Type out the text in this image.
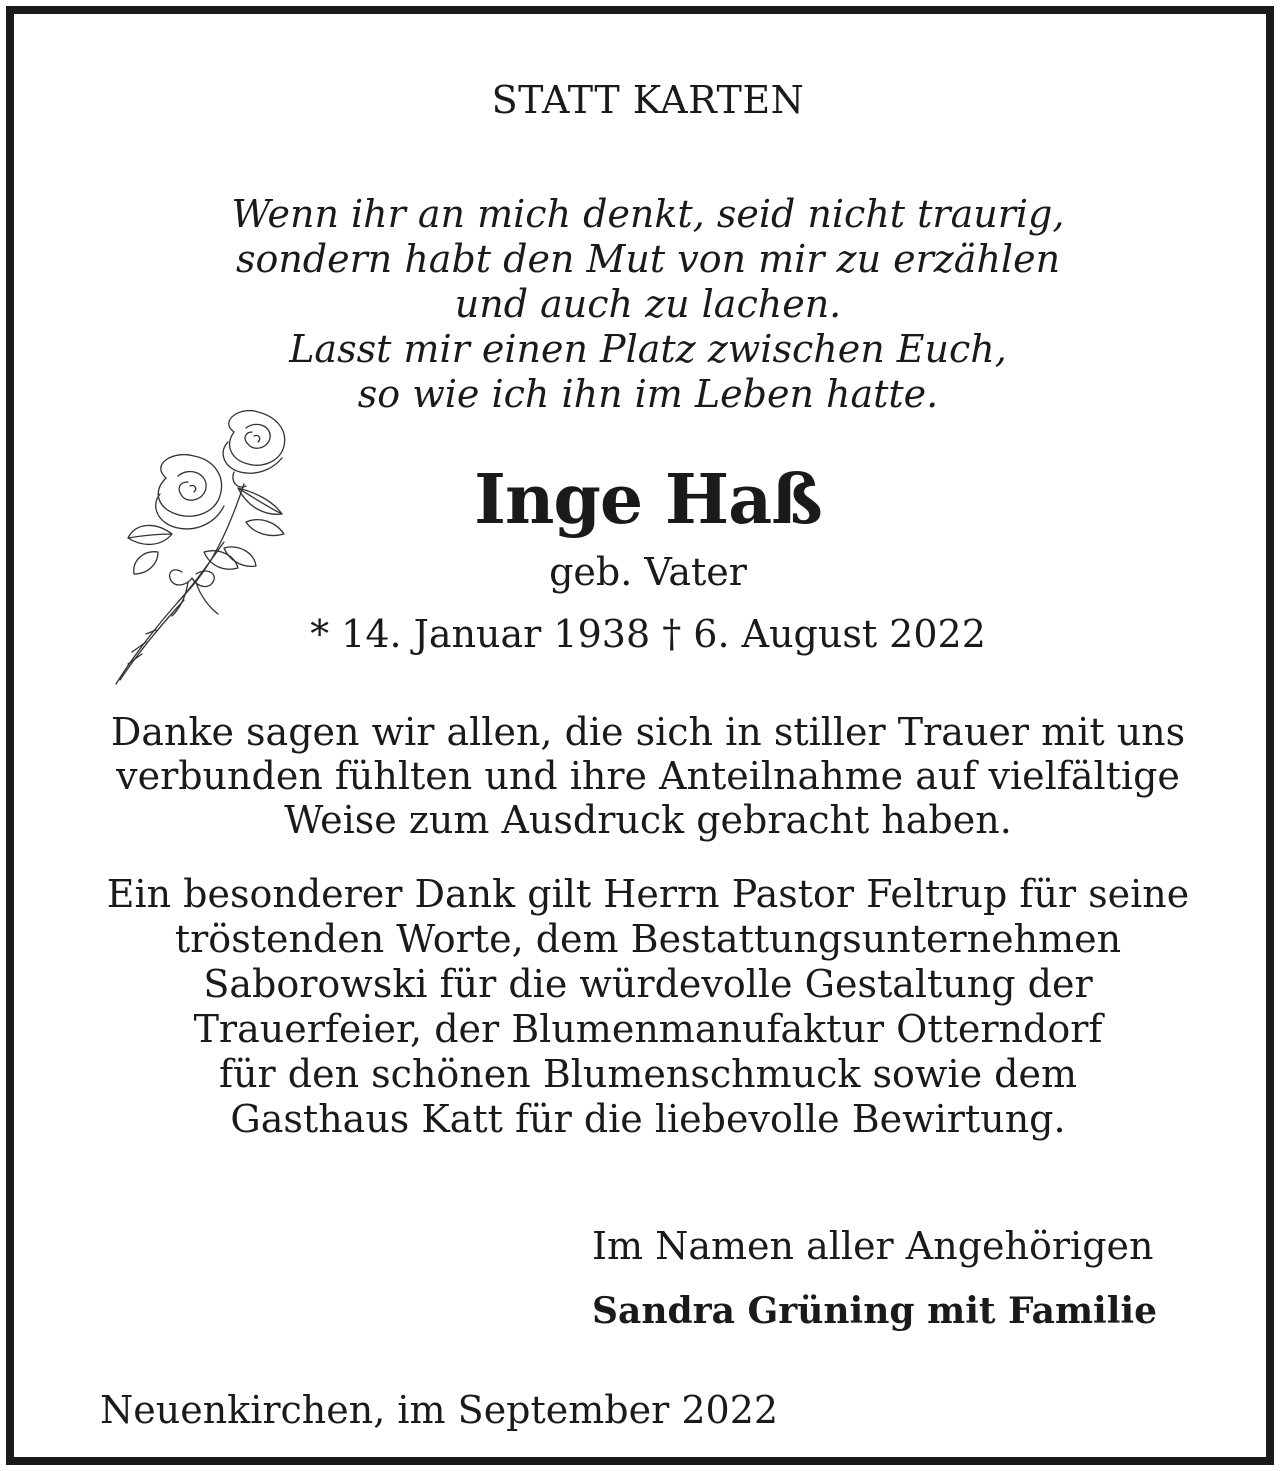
STATT KARTEN

Wenn ihr an mich denkt, seid nicht traurig,
sondern habt den Mut von mir zu erzählen
und auch zu lachen.
Lasst mir einen Platz zwischen Euch,
so wie ich ihn im Leben hatte.

Inge Haß

geb. Vater

* 14. Januar 1938 † 6. August 2022

Danke sagen wir allen, die sich in stiller Trauer mit uns
verbunden fühlten und ihre Anteilnahme auf vielfältige
Weise zum Ausdruck gebracht haben.
Ein besonderer Dank gilt Herrn Pastor Feltrup für seine
tröstenden Worte, dem Bestattungsunternehmen
Saborowski für die würdevolle Gestaltung der
Trauerfeier, der Blumenmanufaktur Otterndorf
für den schönen Blumenschmuck sowie dem
Gasthaus Katt für die liebevolle Bewirtung.

Im Namen aller Angehörigen

Sandra Grüning mit Familie

Neuenkirchen, im September 2022
